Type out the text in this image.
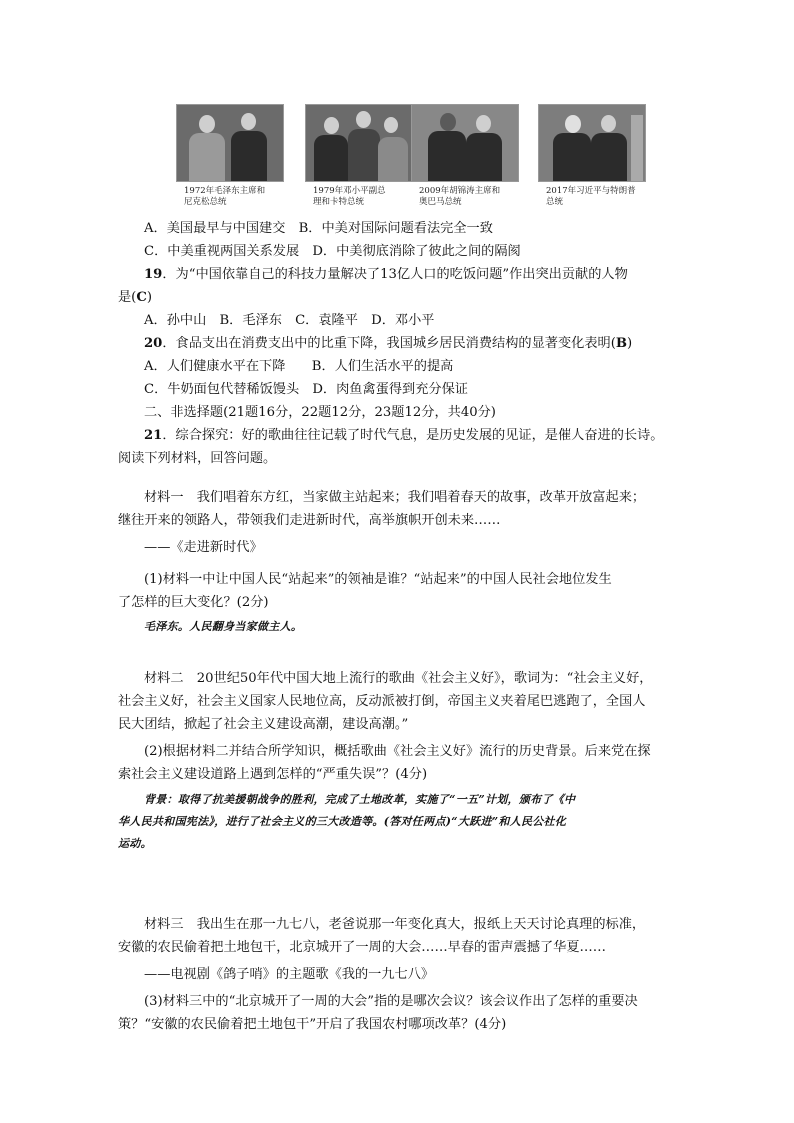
1972年毛泽东主席和
尼克松总统
1979年邓小平副总
理和卡特总统
2009年胡锦涛主席和
奥巴马总统
2017年习近平与特朗普
总统
A．美国最早与中国建交　B．中美对国际问题看法完全一致
C．中美重视两国关系发展　D．中美彻底消除了彼此之间的隔阂
19．为“中国依靠自己的科技力量解决了13亿人口的吃饭问题”作出突出贡献的人物
是(C)
A．孙中山　B．毛泽东　C．袁隆平　D．邓小平
20．食品支出在消费支出中的比重下降，我国城乡居民消费结构的显著变化表明(B)
A．人们健康水平在下降　　B．人们生活水平的提高
C．牛奶面包代替稀饭馒头　D．肉鱼禽蛋得到充分保证
二、非选择题(21题16分，22题12分，23题12分，共40分)
21．综合探究：好的歌曲往往记载了时代气息，是历史发展的见证，是催人奋进的长诗。
阅读下列材料，回答问题。
材料一　我们唱着东方红，当家做主站起来；我们唱着春天的故事，改革开放富起来；
继往开来的领路人，带领我们走进新时代，高举旗帜开创未来……
——《走进新时代》
(1)材料一中让中国人民“站起来”的领袖是谁？“站起来”的中国人民社会地位发生
了怎样的巨大变化？(2分)
毛泽东。人民翻身当家做主人。
材料二　20世纪50年代中国大地上流行的歌曲《社会主义好》，歌词为：“社会主义好，
社会主义好，社会主义国家人民地位高，反动派被打倒，帝国主义夹着尾巴逃跑了，全国人
民大团结，掀起了社会主义建设高潮，建设高潮。”
(2)根据材料二并结合所学知识，概括歌曲《社会主义好》流行的历史背景。后来党在探
索社会主义建设道路上遇到怎样的“严重失误”？(4分)
背景：取得了抗美援朝战争的胜利，完成了土地改革，实施了“一五”计划，颁布了《中
华人民共和国宪法》，进行了社会主义的三大改造等。(答对任两点)“大跃进”和人民公社化
运动。
材料三　我出生在那一九七八，老爸说那一年变化真大，报纸上天天讨论真理的标准，
安徽的农民偷着把土地包干，北京城开了一周的大会……早春的雷声震撼了华夏……
——电视剧《鸽子哨》的主题歌《我的一九七八》
(3)材料三中的“北京城开了一周的大会”指的是哪次会议？该会议作出了怎样的重要决
策？“安徽的农民偷着把土地包干”开启了我国农村哪项改革？(4分)
